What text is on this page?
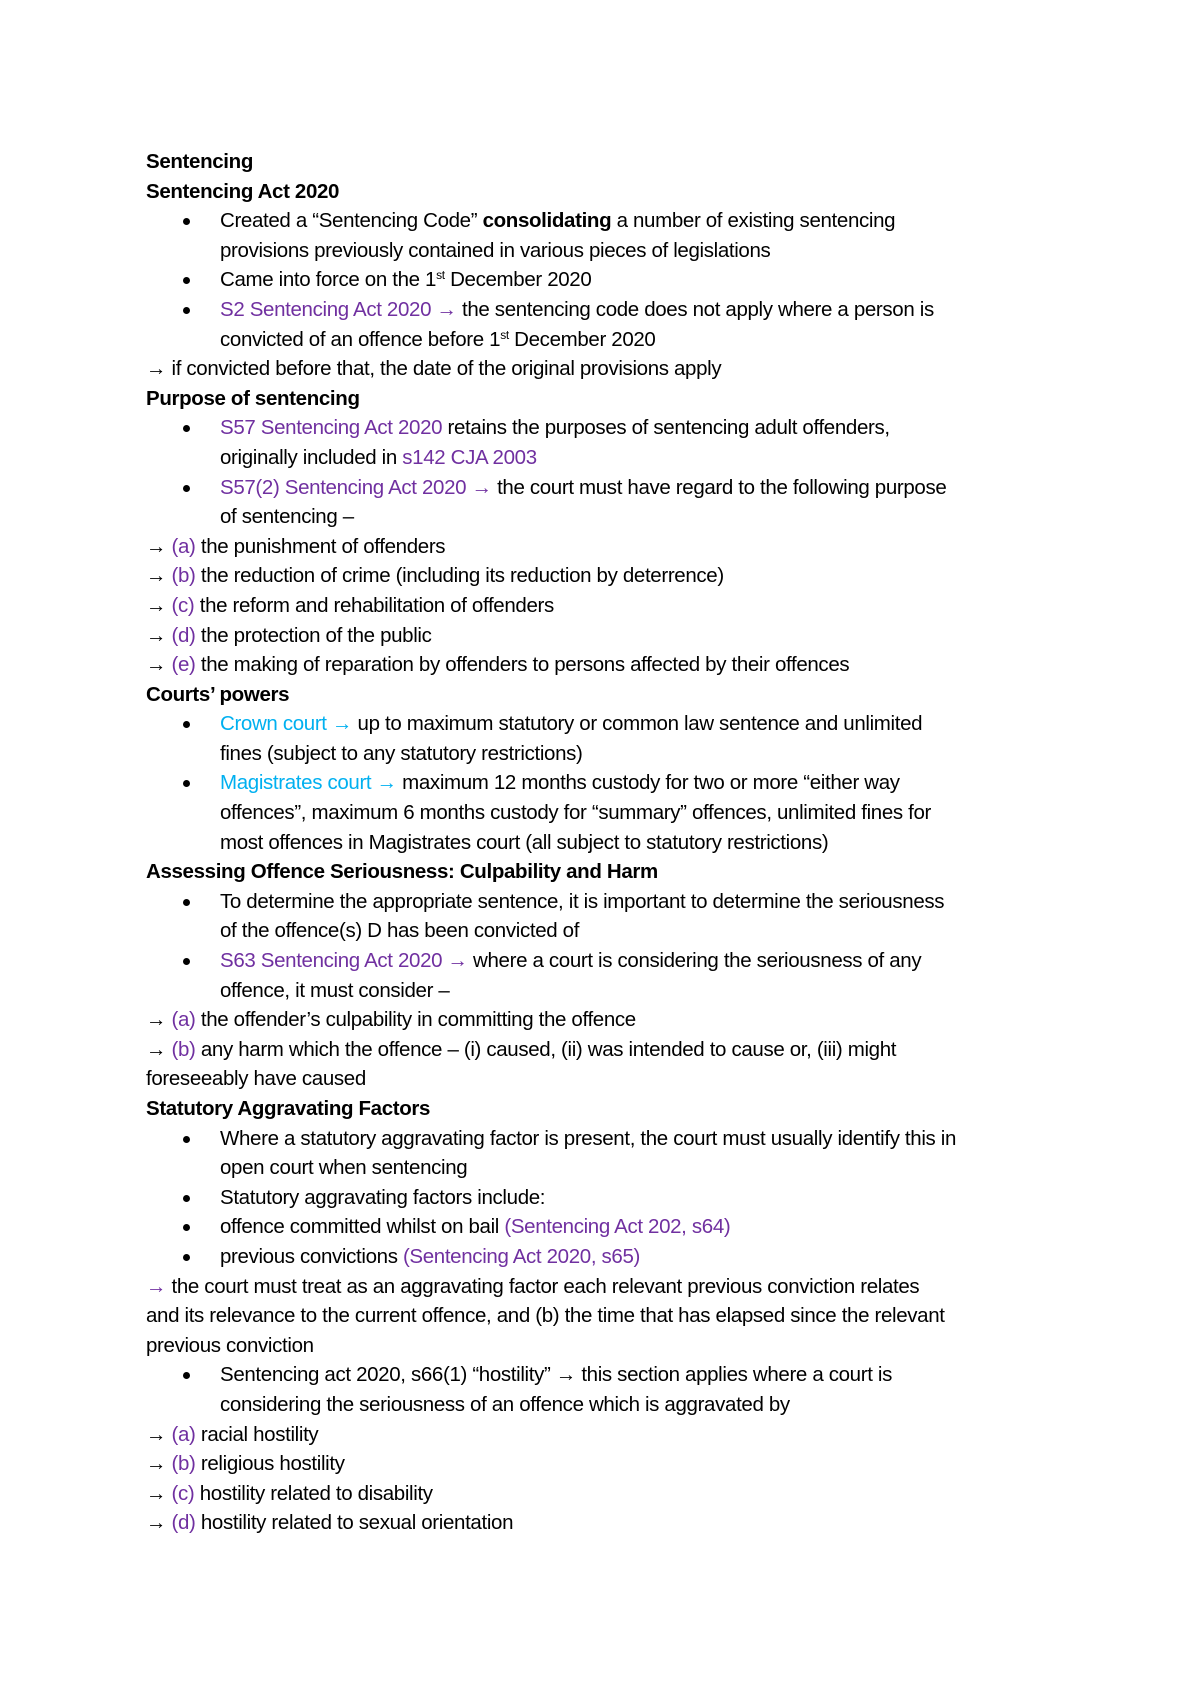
Sentencing
Sentencing Act 2020
Created a “Sentencing Code” consolidating a number of existing sentencing
provisions previously contained in various pieces of legislations
Came into force on the 1st December 2020
S2 Sentencing Act 2020 → the sentencing code does not apply where a person is
convicted of an offence before 1st December 2020
→ if convicted before that, the date of the original provisions apply
Purpose of sentencing
S57 Sentencing Act 2020 retains the purposes of sentencing adult offenders,
originally included in s142 CJA 2003
S57(2) Sentencing Act 2020 → the court must have regard to the following purpose
of sentencing –
→ (a) the punishment of offenders
→ (b) the reduction of crime (including its reduction by deterrence)
→ (c) the reform and rehabilitation of offenders
→ (d) the protection of the public
→ (e) the making of reparation by offenders to persons affected by their offences
Courts’ powers
Crown court → up to maximum statutory or common law sentence and unlimited
fines (subject to any statutory restrictions)
Magistrates court → maximum 12 months custody for two or more “either way
offences”, maximum 6 months custody for “summary” offences, unlimited fines for
most offences in Magistrates court (all subject to statutory restrictions)
Assessing Offence Seriousness: Culpability and Harm
To determine the appropriate sentence, it is important to determine the seriousness
of the offence(s) D has been convicted of
S63 Sentencing Act 2020 → where a court is considering the seriousness of any
offence, it must consider –
→ (a) the offender’s culpability in committing the offence
→ (b) any harm which the offence – (i) caused, (ii) was intended to cause or, (iii) might
foreseeably have caused
Statutory Aggravating Factors
Where a statutory aggravating factor is present, the court must usually identify this in
open court when sentencing
Statutory aggravating factors include:
offence committed whilst on bail (Sentencing Act 202, s64)
previous convictions (Sentencing Act 2020, s65)
→ the court must treat as an aggravating factor each relevant previous conviction relates
and its relevance to the current offence, and (b) the time that has elapsed since the relevant
previous conviction
Sentencing act 2020, s66(1) “hostility” → this section applies where a court is
considering the seriousness of an offence which is aggravated by
→ (a) racial hostility
→ (b) religious hostility
→ (c) hostility related to disability
→ (d) hostility related to sexual orientation
